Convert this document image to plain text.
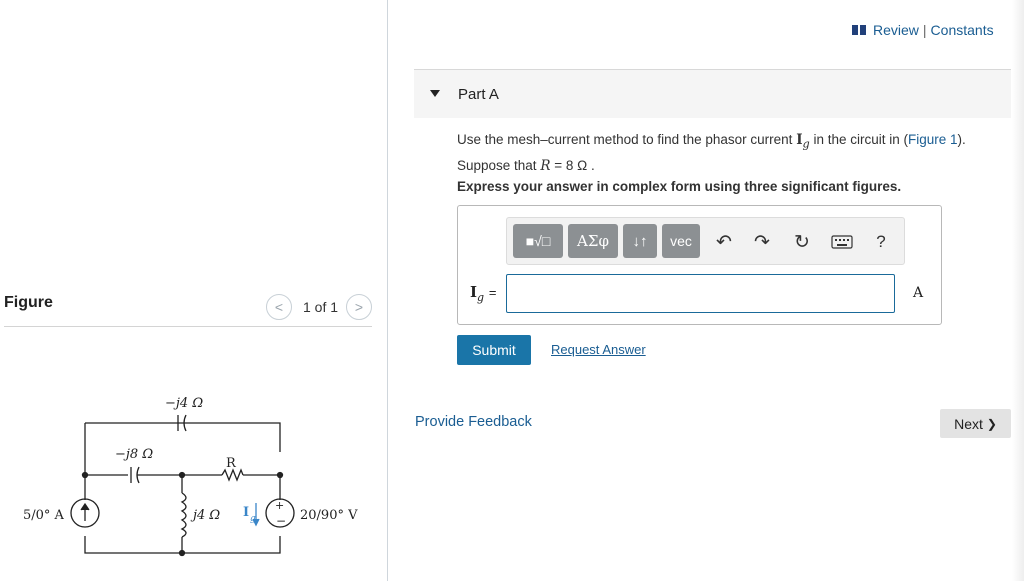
Figure	< 1 of 1 >
−j4 Ω
−j8 Ω
R
j4 Ω
5/0° A	20/90° V
I g
+
−
Review | Constants
Part A
Use the mesh–current method to find the phasor current $I_g$ in the circuit in (Figure 1).
Suppose that R = 8 Ω .
Express your answer in complex form using three significant figures.
■√□ ΑΣφ ↓↑ vec ↶ ↷ ↻	?
$I_g$ =	A
Submit	Request Answer
Provide Feedback	Next
❯
